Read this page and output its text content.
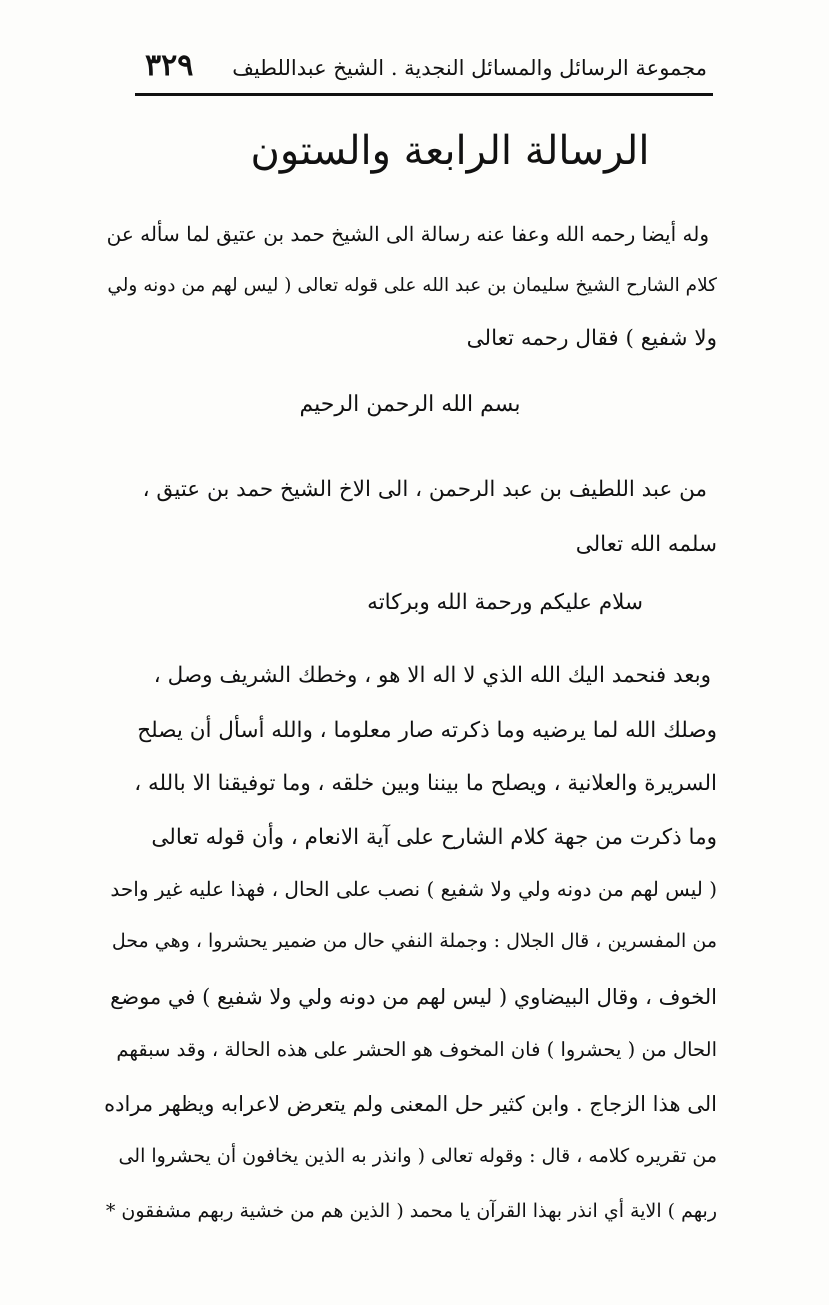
مجموعة الرسائل والمسائل النجدية . الشيخ عبداللطيف
٣٢٩
الرسالة الرابعة والستون
وله أيضا رحمه الله وعفا عنه رسالة الى الشيخ حمد بن عتيق لما سأله عن
كلام الشارح الشيخ سليمان بن عبد الله على قوله تعالى ( ليس لهم من دونه ولي
ولا شفيع ) فقال رحمه تعالى
بسم الله الرحمن الرحيم
من عبد اللطيف بن عبد الرحمن ، الى الاخ الشيخ حمد بن عتيق ،
سلمه الله تعالى
سلام عليكم ورحمة الله وبركاته
وبعد فنحمد اليك الله الذي لا اله الا هو ، وخطك الشريف وصل ،
وصلك الله لما يرضيه وما ذكرته صار معلوما ، والله أسأل أن يصلح
السريرة والعلانية ، ويصلح ما بيننا وبين خلقه ، وما توفيقنا الا بالله ،
وما ذكرت من جهة كلام الشارح على آية الانعام ، وأن قوله تعالى
( ليس لهم من دونه ولي ولا شفيع ) نصب على الحال ، فهذا عليه غير واحد
من المفسرين ، قال الجلال : وجملة النفي حال من ضمير يحشروا ، وهي محل
الخوف ، وقال البيضاوي ( ليس لهم من دونه ولي ولا شفيع ) في موضع
الحال من ( يحشروا ) فان المخوف هو الحشر على هذه الحالة ، وقد سبقهم
الى هذا الزجاج . وابن كثير حل المعنى ولم يتعرض لاعرابه ويظهر مراده
من تقريره كلامه ، قال : وقوله تعالى ( وانذر به الذين يخافون أن يحشروا الى
ربهم ) الاية أي انذر بهذا القرآن يا محمد ( الذين هم من خشية ربهم مشفقون *
